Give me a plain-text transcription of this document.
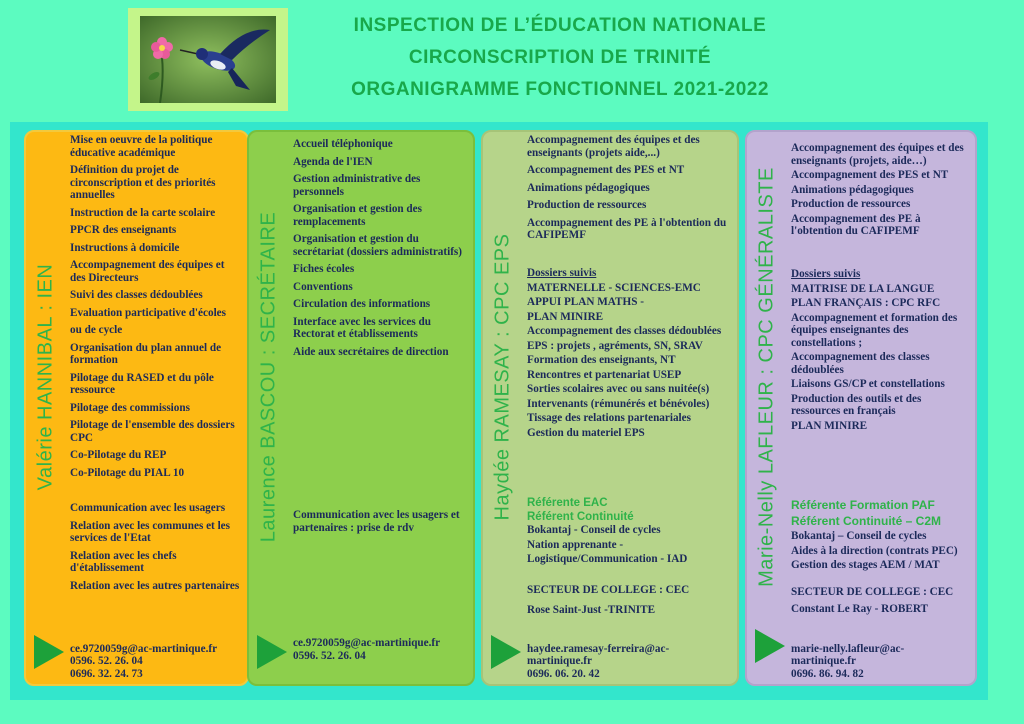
INSPECTION DE L’ÉDUCATION NATIONALE
CIRCONSCRIPTION DE TRINITÉ
ORGANIGRAMME FONCTIONNEL 2021-2022
Valérie HANNIBAL : IEN
Mise en oeuvre de la politique éducative académique
Définition du projet de circonscription et des priorités annuelles
Instruction de la carte scolaire
PPCR des enseignants
Instructions à domicile
Accompagnement des équipes et des Directeurs
Suivi des classes dédoublées
Evaluation participative d'écoles
ou de cycle
Organisation du plan annuel de formation
Pilotage du RASED et du pôle ressource
Pilotage des commissions
Pilotage de l'ensemble des dossiers CPC
Co-Pilotage du REP
Co-Pilotage du PIAL 10
Communication avec les usagers
Relation avec les communes et les services de l'Etat
Relation avec les chefs d'établissement
Relation avec les autres partenaires
ce.9720059g@ac-martinique.fr
0596. 52. 26. 04
0696. 32. 24. 73
Laurence BASCOU : SECRÉTAIRE
Accueil téléphonique
Agenda de l'IEN
Gestion administrative des personnels
Organisation et gestion des remplacements
Organisation et gestion du secrétariat (dossiers administratifs)
Fiches écoles
Conventions
Circulation des informations
Interface avec les services du Rectorat et établissements
Aide aux secrétaires de direction
Communication avec les usagers et partenaires : prise de rdv
ce.9720059g@ac-martinique.fr
0596. 52. 26. 04
Haydée RAMESAY : CPC EPS
Accompagnement des équipes et des enseignants (projets aide,...)
Accompagnement des PES et NT
Animations pédagogiques
Production de ressources
Accompagnement des PE à l'obtention du CAFIPEMF
Dossiers suivis
MATERNELLE - SCIENCES-EMC
APPUI PLAN MATHS -
PLAN MINIRE
Accompagnement des classes dédoublées
EPS : projets , agréments, SN, SRAV
Formation des enseignants, NT
Rencontres et partenariat USEP
Sorties scolaires avec ou sans nuitée(s)
Intervenants (rémunérés et bénévoles)
Tissage des relations partenariales
Gestion du materiel EPS
Référente EAC
Référent Continuité
Bokantaj - Conseil de cycles
Nation apprenante -
Logistique/Communication - IAD
SECTEUR DE COLLEGE : CEC
Rose Saint-Just -TRINITE
haydee.ramesay-ferreira@ac-martinique.fr
0696. 06. 20. 42
Marie-Nelly LAFLEUR : CPC GÉNÉRALISTE
Accompagnement des équipes et des enseignants (projets, aide…)
Accompagnement des PES et NT
Animations pédagogiques
Production de ressources
Accompagnement des PE à l'obtention du CAFIPEMF
Dossiers suivis
MAITRISE DE LA LANGUE
PLAN FRANÇAIS : CPC RFC
Accompagnement et formation des équipes enseignantes des constellations ;
Accompagnement des classes dédoublées
Liaisons GS/CP et constellations
Production des outils et des ressources en français
PLAN MINIRE
Référente Formation PAF
Référent Continuité – C2M
Bokantaj – Conseil de cycles
Aides à la direction (contrats PEC)
Gestion des stages AEM / MAT
SECTEUR DE COLLEGE : CEC
Constant Le Ray - ROBERT
marie-nelly.lafleur@ac-martinique.fr
0696. 86. 94. 82
